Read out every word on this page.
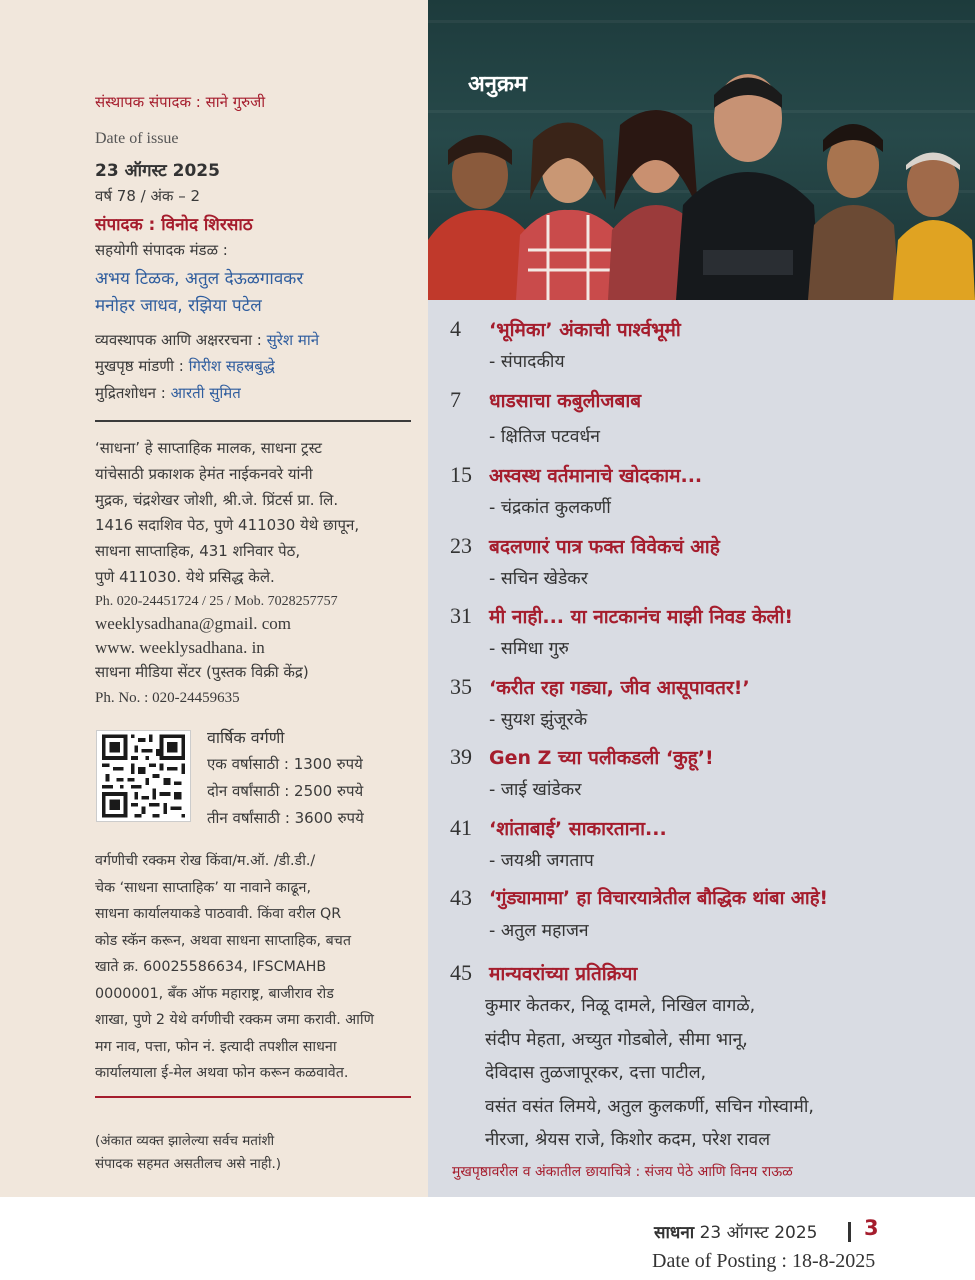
संस्थापक संपादक : साने गुरुजी
Date of issue
23 ऑगस्ट 2025
वर्ष 78 / अंक – 2
संपादक : विनोद शिरसाठ
सहयोगी संपादक मंडळ :
अभय टिळक, अतुल देऊळगावकर
मनोहर जाधव, रझिया पटेल
व्यवस्थापक आणि अक्षररचना : सुरेश माने
मुखपृष्ठ मांडणी : गिरीश सहस्रबुद्धे
मुद्रितशोधन : आरती सुमित
‘साधना’ हे साप्ताहिक मालक, साधना ट्रस्ट
यांचेसाठी प्रकाशक हेमंत नाईकनवरे यांनी
मुद्रक, चंद्रशेखर जोशी, श्री.जे. प्रिंटर्स प्रा. लि.
1416 सदाशिव पेठ, पुणे 411030 येथे छापून,
साधना साप्ताहिक, 431 शनिवार पेठ,
पुणे 411030. येथे प्रसिद्ध केले.
Ph. 020-24451724 / 25 / Mob. 7028257757
weeklysadhana@gmail. com
www. weeklysadhana. in
साधना मीडिया सेंटर (पुस्तक विक्री केंद्र)
Ph. No. : 020-24459635
वार्षिक वर्गणी
एक वर्षासाठी : 1300 रुपये
दोन वर्षांसाठी : 2500 रुपये
तीन वर्षांसाठी : 3600 रुपये
वर्गणीची रक्कम रोख किंवा/म.ऑ. /डी.डी./
चेक ‘साधना साप्ताहिक’ या नावाने काढून,
साधना कार्यालयाकडे पाठवावी. किंवा वरील QR
कोड स्कॅन करून, अथवा साधना साप्ताहिक, बचत
खाते क्र. 60025586634, IFSCMAHB
0000001, बँक ऑफ महाराष्ट्र, बाजीराव रोड
शाखा, पुणे 2 येथे वर्गणीची रक्कम जमा करावी. आणि
मग नाव, पत्ता, फोन नं. इत्यादी तपशील साधना
कार्यालयाला ई-मेल अथवा फोन करून कळवावेत.
(अंकात व्यक्त झालेल्या सर्वच मतांशी
संपादक सहमत असतीलच असे नाही.)
अनुक्रम
4 ‘भूमिका’ अंकाची पार्श्वभूमी
- संपादकीय
7 धाडसाचा कबुलीजबाब
- क्षितिज पटवर्धन
15 अस्वस्थ वर्तमानाचे खोदकाम...
- चंद्रकांत कुलकर्णी
23 बदलणारं पात्र फक्त विवेकचं आहे
- सचिन खेडेकर
31 मी नाही... या नाटकानंच माझी निवड केली!
- समिधा गुरु
35 ‘करीत रहा गड्या, जीव आसूपावतर!’
- सुयश झुंजूरके
39 Gen Z च्या पलीकडली ‘कुहू’!
- जाई खांडेकर
41 ‘शांताबाई’ साकारताना...
- जयश्री जगताप
43 ‘गुंड्यामामा’ हा विचारयात्रेतील बौद्धिक थांबा आहे!
- अतुल महाजन
45 मान्यवरांच्या प्रतिक्रिया
कुमार केतकर, निळू दामले, निखिल वागळे,
संदीप मेहता, अच्युत गोडबोले, सीमा भानू,
देविदास तुळजापूरकर, दत्ता पाटील,
वसंत वसंत लिमये, अतुल कुलकर्णी, सचिन गोस्वामी,
नीरजा, श्रेयस राजे, किशोर कदम, परेश रावल
मुखपृष्ठावरील व अंकातील छायाचित्रे : संजय पेठे आणि विनय राऊळ
साधना 23 ऑगस्ट 2025 3
Date of Posting : 18-8-2025
